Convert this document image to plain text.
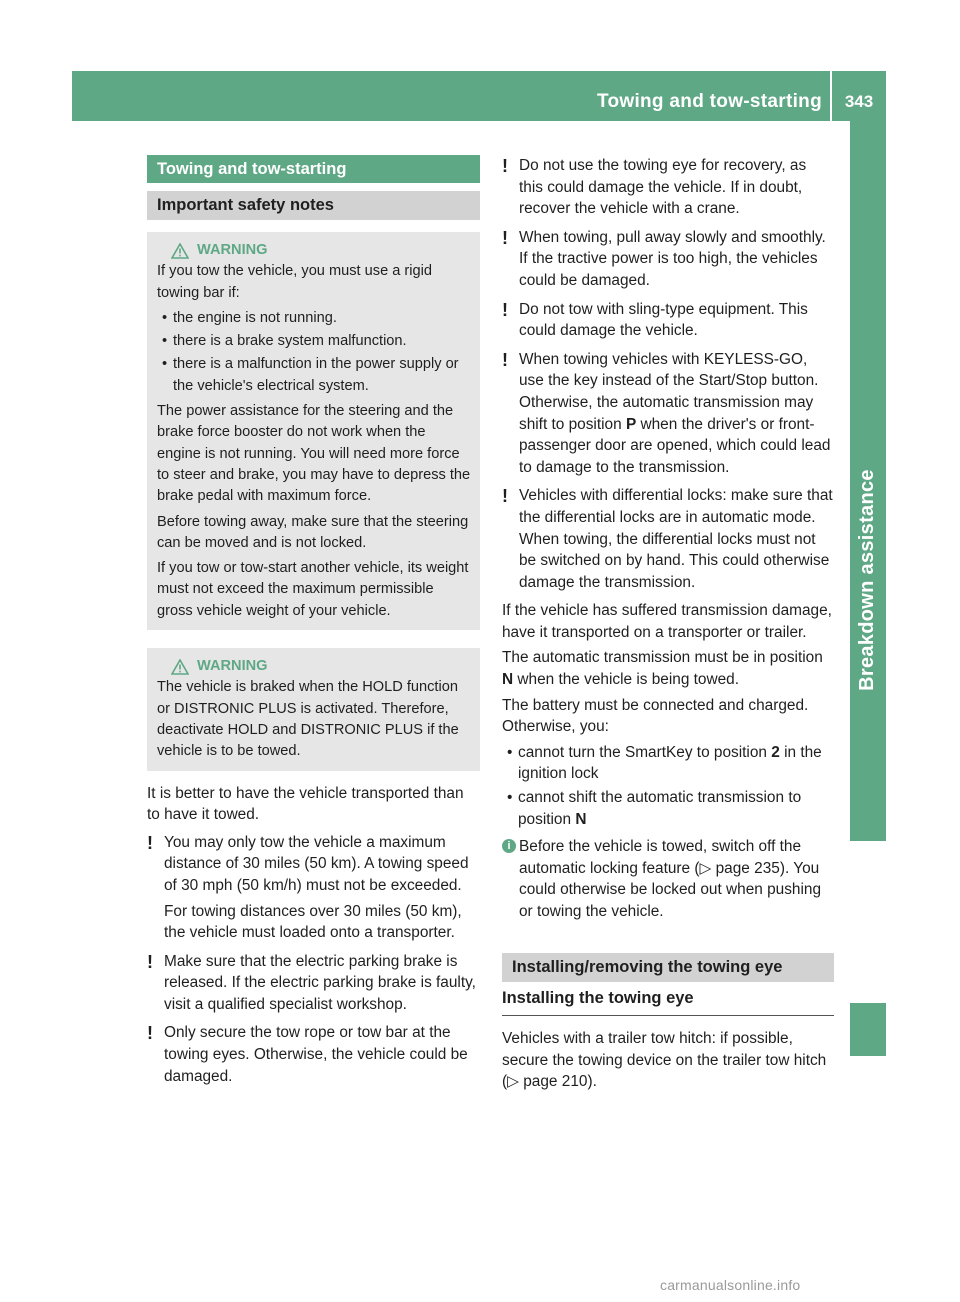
Towing and tow-starting	343
Breakdown assistance
Towing and tow-starting
Important safety notes
WARNING
If you tow the vehicle, you must use a rigid towing bar if:
• the engine is not running.
• there is a brake system malfunction.
• there is a malfunction in the power supply or the vehicle's electrical system.
The power assistance for the steering and the brake force booster do not work when the engine is not running. You will need more force to steer and brake, you may have to depress the brake pedal with maximum force.
Before towing away, make sure that the steering can be moved and is not locked.
If you tow or tow-start another vehicle, its weight must not exceed the maximum permissible gross vehicle weight of your vehicle.
WARNING
The vehicle is braked when the HOLD function or DISTRONIC PLUS is activated. Therefore, deactivate HOLD and DISTRONIC PLUS if the vehicle is to be towed.
It is better to have the vehicle transported than to have it towed.
! You may only tow the vehicle a maximum distance of 30 miles (50 km). A towing speed of 30 mph (50 km/h) must not be exceeded.
For towing distances over 30 miles (50 km), the vehicle must loaded onto a transporter.
! Make sure that the electric parking brake is released. If the electric parking brake is faulty, visit a qualified specialist workshop.
! Only secure the tow rope or tow bar at the towing eyes. Otherwise, the vehicle could be damaged.
! Do not use the towing eye for recovery, as this could damage the vehicle. If in doubt, recover the vehicle with a crane.
! When towing, pull away slowly and smoothly. If the tractive power is too high, the vehicles could be damaged.
! Do not tow with sling-type equipment. This could damage the vehicle.
! When towing vehicles with KEYLESS-GO, use the key instead of the Start/Stop button. Otherwise, the automatic transmission may shift to position P when the driver's or front-passenger door are opened, which could lead to damage to the transmission.
! Vehicles with differential locks: make sure that the differential locks are in automatic mode. When towing, the differential locks must not be switched on by hand. This could otherwise damage the transmission.
If the vehicle has suffered transmission damage, have it transported on a transporter or trailer.
The automatic transmission must be in position N when the vehicle is being towed.
The battery must be connected and charged. Otherwise, you:
• cannot turn the SmartKey to position 2 in the ignition lock
• cannot shift the automatic transmission to position N
i Before the vehicle is towed, switch off the automatic locking feature (▷ page 235). You could otherwise be locked out when pushing or towing the vehicle.
Installing/removing the towing eye
Installing the towing eye
Vehicles with a trailer tow hitch: if possible, secure the towing device on the trailer tow hitch (▷ page 210).
carmanualsonline.info
